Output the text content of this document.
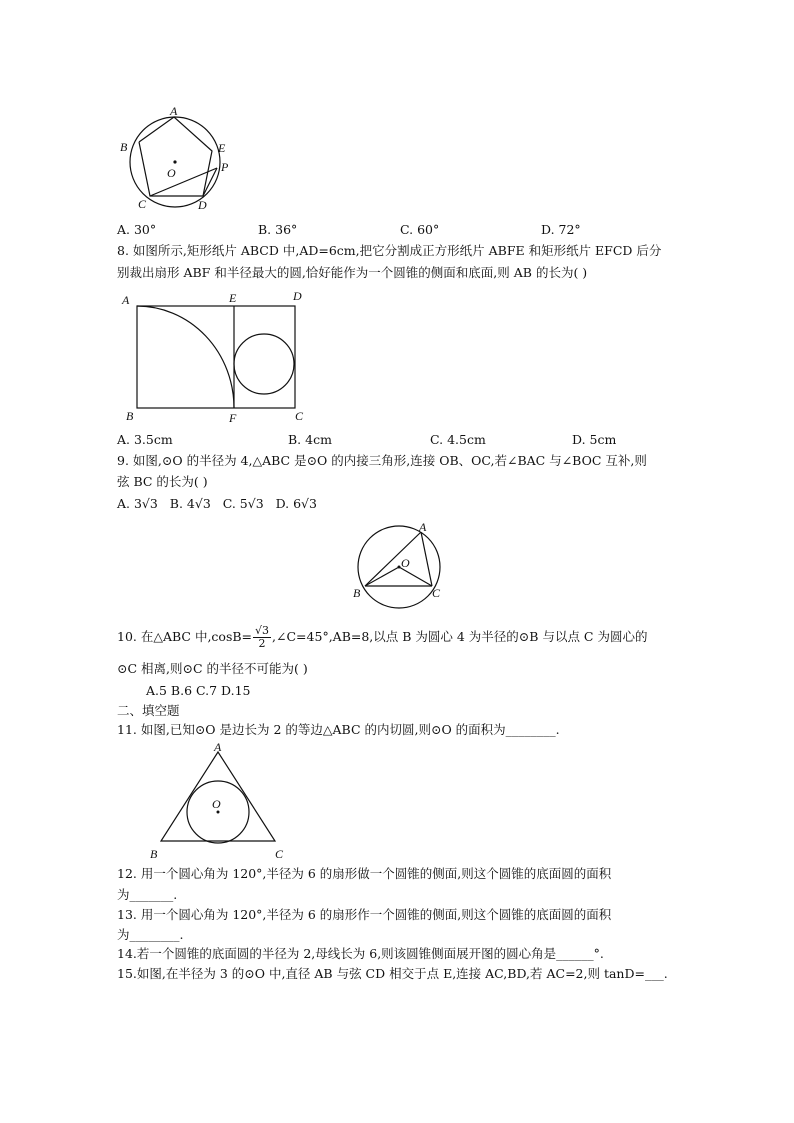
A
B	E
P
O
C	D
A. 30°	B. 36°	C. 60°	D. 72°
8. 如图所示,矩形纸片 ABCD 中,AD=6cm,把它分割成正方形纸片 ABFE 和矩形纸片 EFCD 后分
别裁出扇形 ABF 和半径最大的圆,恰好能作为一个圆锥的侧面和底面,则 AB 的长为( )
A	E	D
B	F	C
A. 3.5cm	B. 4cm	C. 4.5cm	D. 5cm
9. 如图,⊙O 的半径为 4,△ABC 是⊙O 的内接三角形,连接 OB、OC,若∠BAC 与∠BOC 互补,则
弦 BC 的长为( )
A. 3√3 B. 4√3 C. 5√3 D. 6√3
A
O
B	C
10. 在△ABC 中$,\cos B= \frac{√3}{2}$ ,∠C=45°,AB=8,以点 B 为圆心 4 为半径的⊙B 与以点 C 为圆心的
⊙C 相离,则⊙C 的半径不可能为( )
A.5 B.6 C.7 D.15
二、填空题
11. 如图,已知⊙O 是边长为 2 的等边△ABC 的内切圆,则⊙O 的面积为________.
A
O
B	C
12. 用一个圆心角为 120°,半径为 6 的扇形做一个圆锥的侧面,则这个圆锥的底面圆的面积
为_______.
13. 用一个圆心角为 120°,半径为 6 的扇形作一个圆锥的侧面,则这个圆锥的底面圆的面积
为________.
14.若一个圆锥的底面圆的半径为 2,母线长为 6,则该圆锥侧面展开图的圆心角是______°.
15.如图,在半径为 3 的⊙O 中,直径 AB 与弦 CD 相交于点 E,连接 AC,BD,若 AC=2,则 tanD=___.
